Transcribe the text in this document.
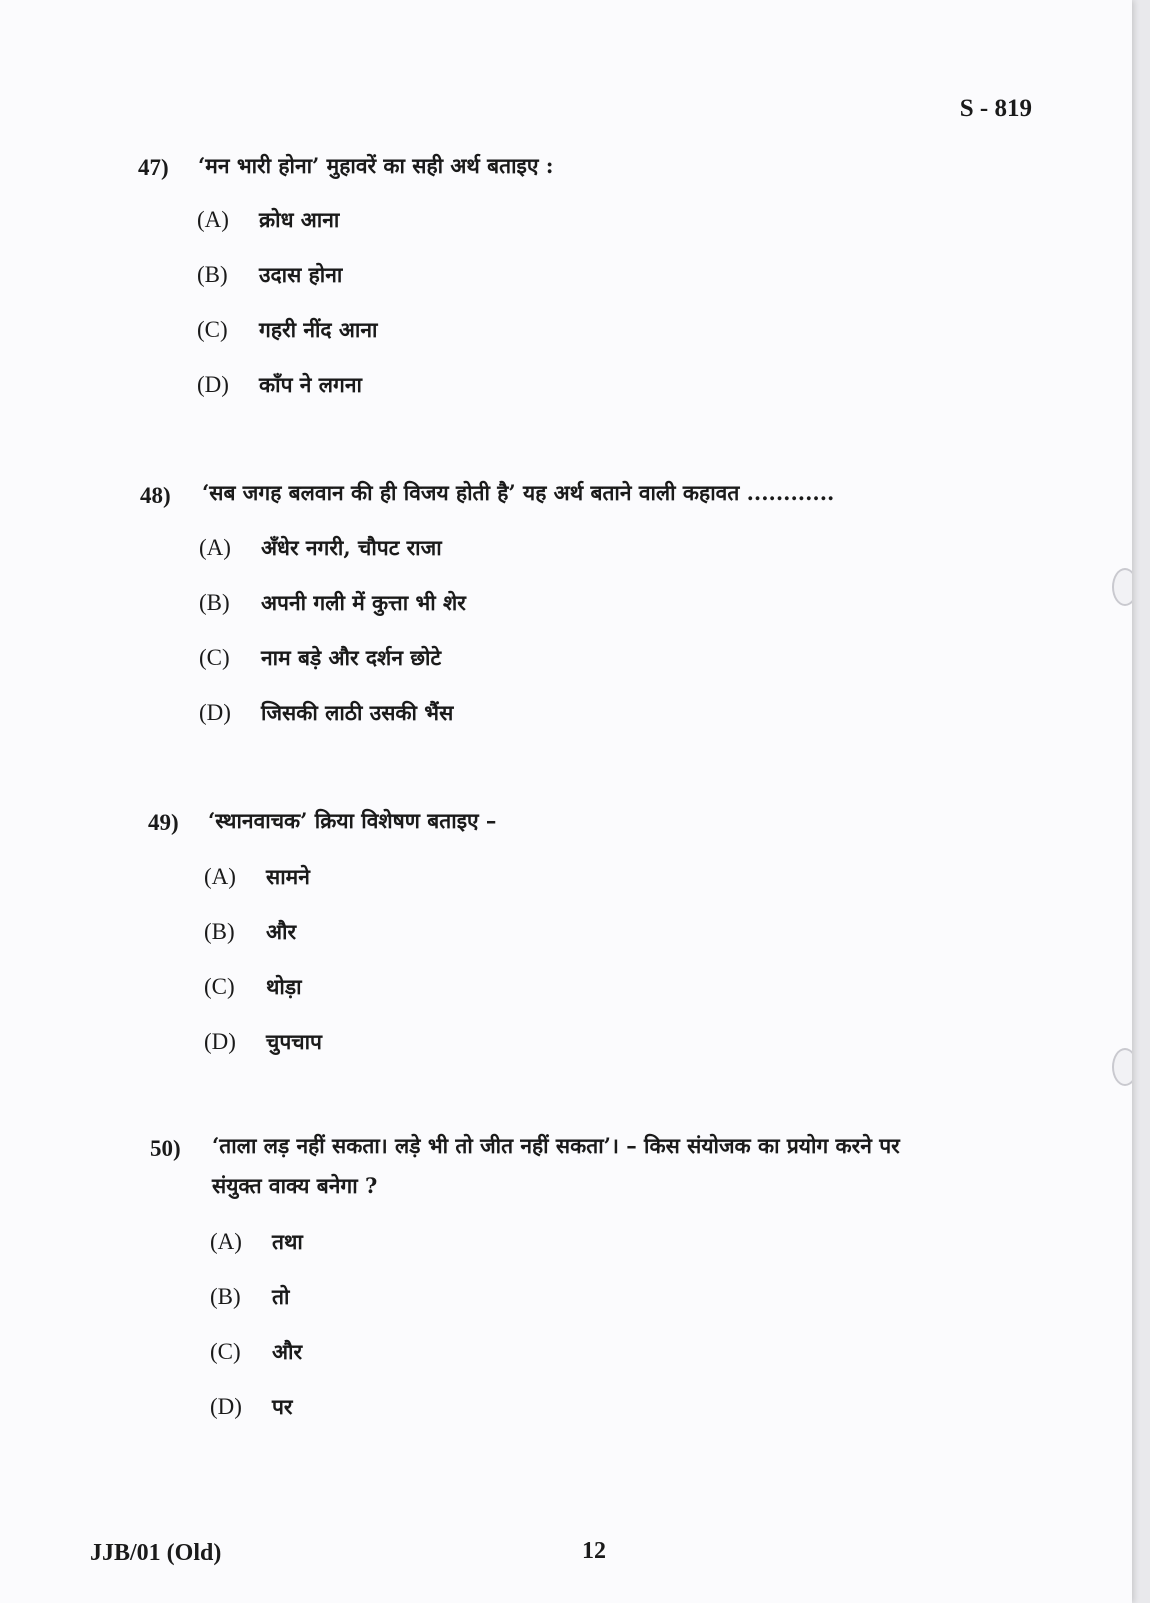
S - 819
47) ‘मन भारी होना’ मुहावरें का सही अर्थ बताइए :
(A) क्रोध आना
(B) उदास होना
(C) गहरी नींद आना
(D) काँप ने लगना
48) ‘सब जगह बलवान की ही विजय होती है’ यह अर्थ बताने वाली कहावत ............
(A) अँधेर नगरी, चौपट राजा
(B) अपनी गली में कुत्ता भी शेर
(C) नाम बड़े और दर्शन छोटे
(D) जिसकी लाठी उसकी भैंस
49) ‘स्थानवाचक’ क्रिया विशेषण बताइए –
(A) सामने
(B) और
(C) थोड़ा
(D) चुपचाप
50) ‘ताला लड़ नहीं सकता। लड़े भी तो जीत नहीं सकता’। – किस संयोजक का प्रयोग करने पर
संयुक्त वाक्य बनेगा ?
(A) तथा
(B) तो
(C) और
(D) पर
JJB/01 (Old)	12
